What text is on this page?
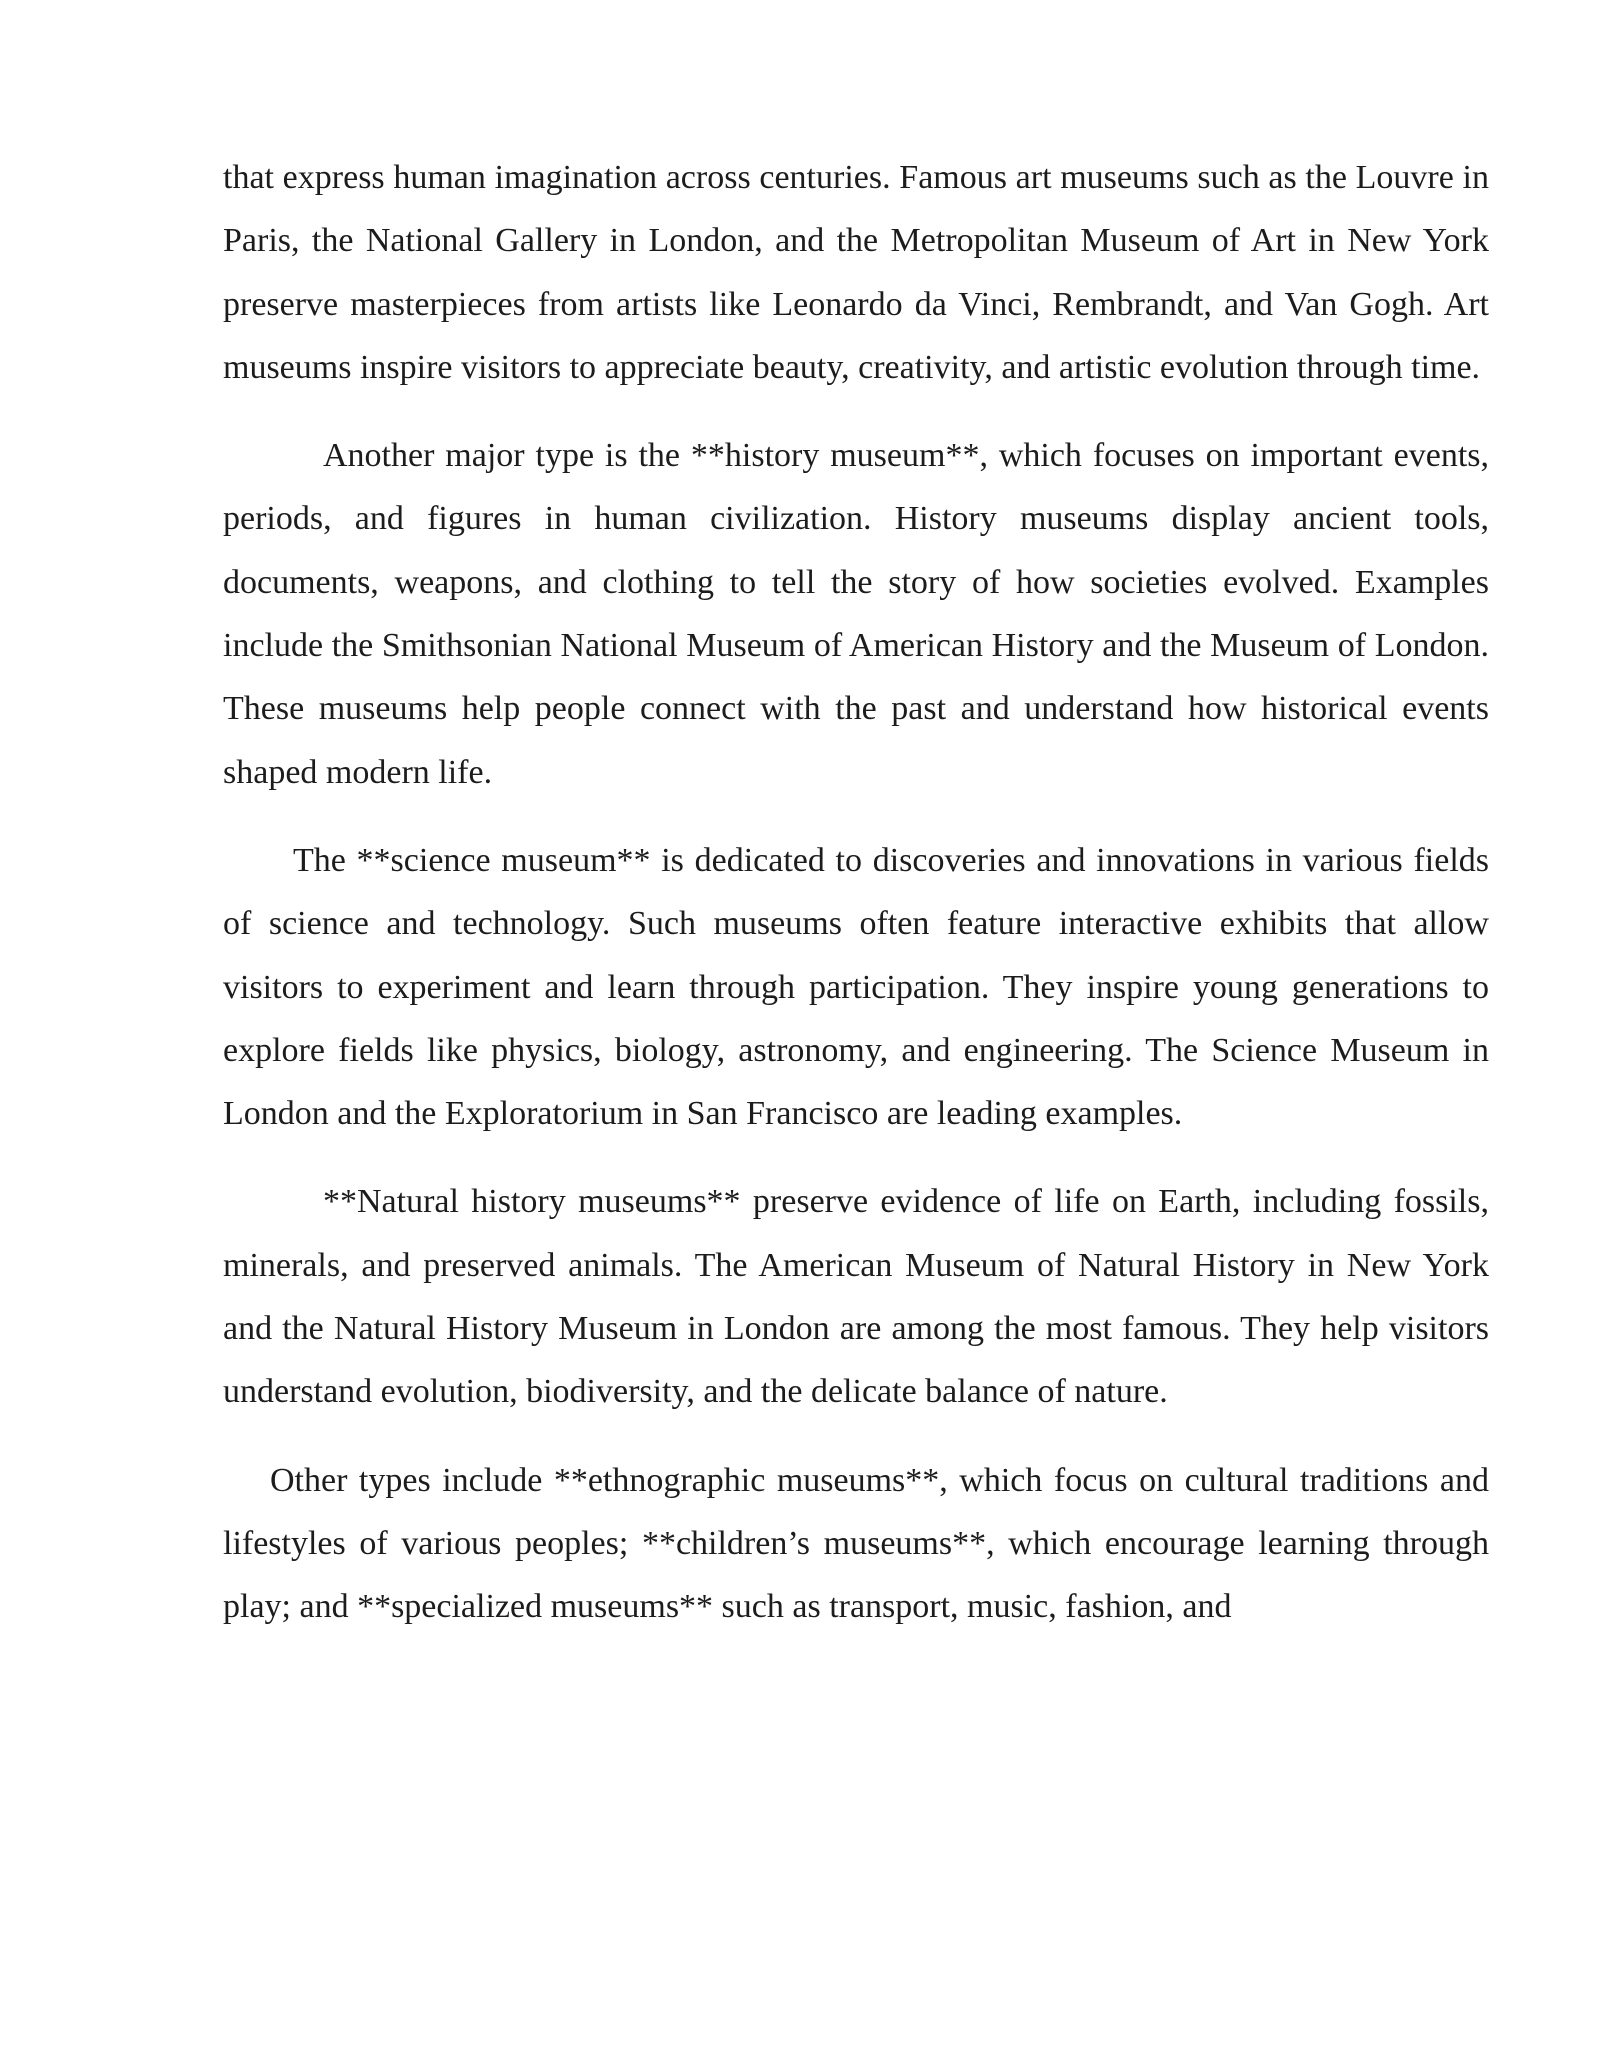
that express human imagination across centuries. Famous art museums such as the Louvre in Paris, the National Gallery in London, and the Metropolitan Museum of Art in New York preserve masterpieces from artists like Leonardo da Vinci, Rembrandt, and Van Gogh. Art museums inspire visitors to appreciate beauty, creativity, and artistic evolution through time.

Another major type is the **history museum**, which focuses on important events, periods, and figures in human civilization. History museums display ancient tools, documents, weapons, and clothing to tell the story of how societies evolved. Examples include the Smithsonian National Museum of American History and the Museum of London. These museums help people connect with the past and understand how historical events shaped modern life.

The **science museum** is dedicated to discoveries and innovations in various fields of science and technology. Such museums often feature interactive exhibits that allow visitors to experiment and learn through participation. They inspire young generations to explore fields like physics, biology, astronomy, and engineering. The Science Museum in London and the Exploratorium in San Francisco are leading examples.

**Natural history museums** preserve evidence of life on Earth, including fossils, minerals, and preserved animals. The American Museum of Natural History in New York and the Natural History Museum in London are among the most famous. They help visitors understand evolution, biodiversity, and the delicate balance of nature.

Other types include **ethnographic museums**, which focus on cultural traditions and lifestyles of various peoples; **children’s museums**, which encourage learning through play; and **specialized museums** such as transport, music, fashion, and
